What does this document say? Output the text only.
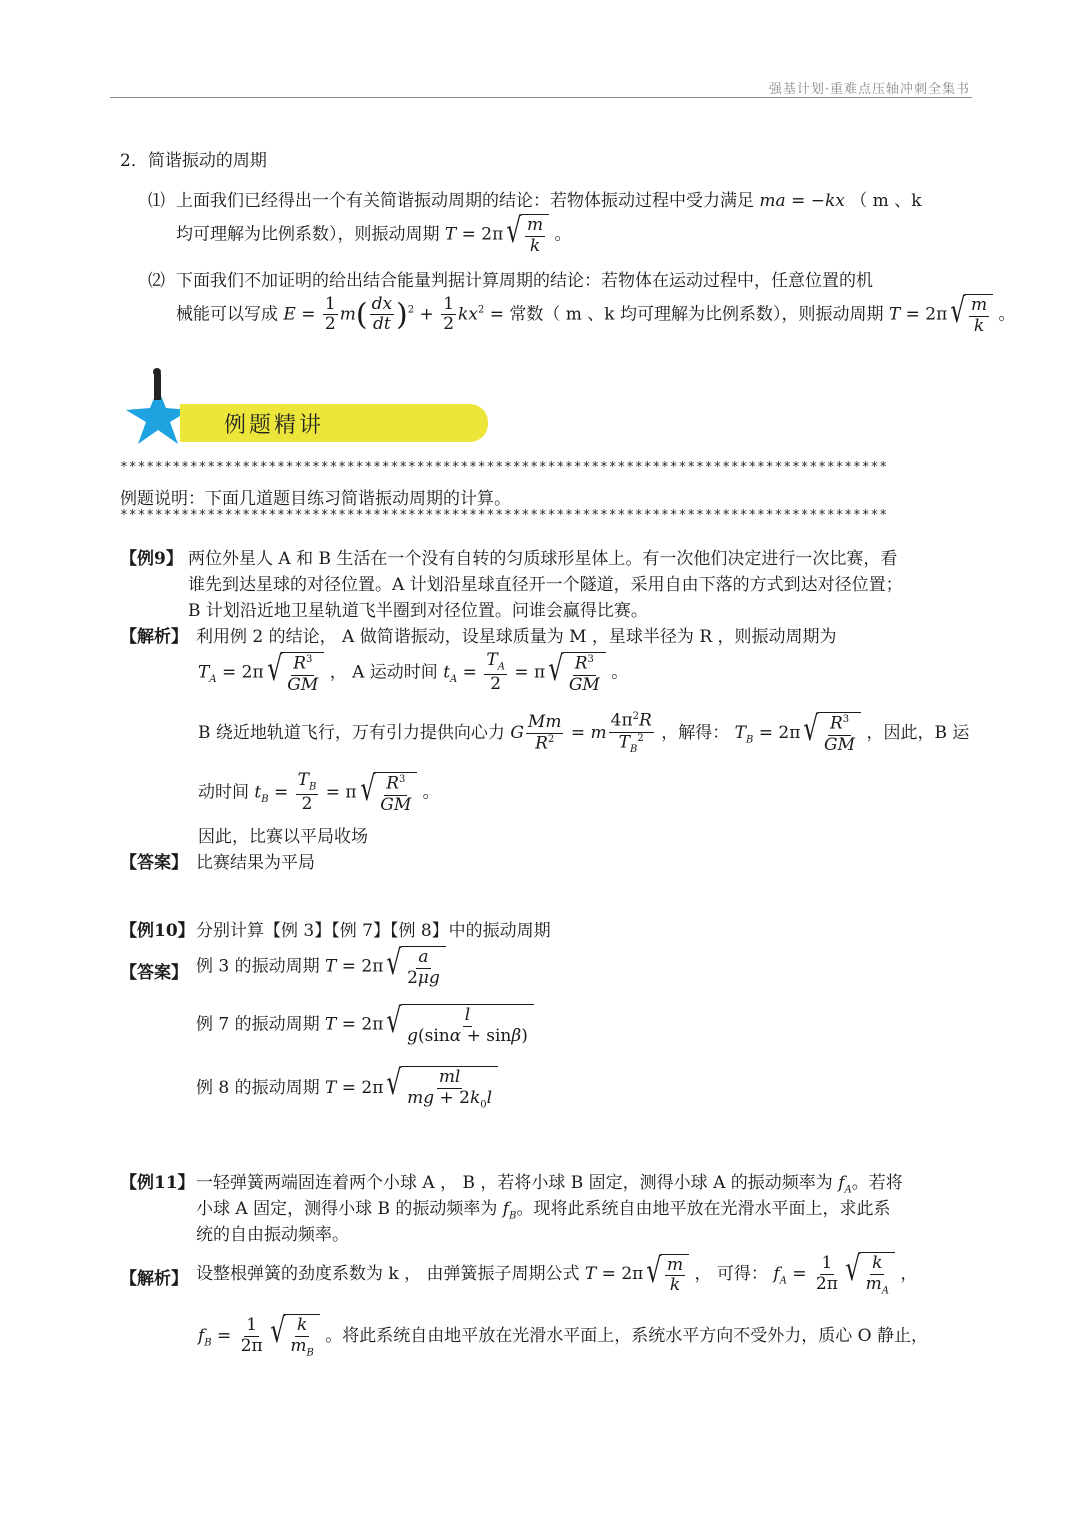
强基计划·重难点压轴冲刺全集书
2．简谐振动的周期
⑴ 上面我们已经得出一个有关简谐振动周期的结论：若物体振动过程中受力满足 ma = −kx （ m 、k
均可理解为比例系数），则振动周期 T = 2π √ $\frac{m}{k}$ 。
⑵ 下面我们不加证明的给出结合能量判据计算周期的结论：若物体在运动过程中，任意位置的机
械能可以写成 $E = \frac{1}{2} m( \frac{dx}{dt} )^2 + \frac{1}{2} kx^2$ = 常数（ m 、k 均可理解为比例系数），则振动周期 T = 2π √ $\frac{m}{k}$ 。
例题精讲
****************************************************************************************
例题说明：下面几道题目练习简谐振动周期的计算。
****************************************************************************************
【例9】 两位外星人 A 和 B 生活在一个没有自转的匀质球形星体上。有一次他们决定进行一次比赛，看
谁先到达星球的对径位置。A 计划沿星球直径开一个隧道，采用自由下落的方式到达对径位置；
B 计划沿近地卫星轨道飞半圈到对径位置。问谁会赢得比赛。
【解析】 利用例 2 的结论， A 做简谐振动，设星球质量为 M ，星球半径为 R ，则振动周期为
$T_A = 2\pi$ √ $\frac{R^3}{GM}$ ， A 运动时间 $t_A = \frac{T_A}{2} = \pi$ √ $\frac{R^3}{GM}$ 。
B 绕近地轨道飞行，万有引力提供向心力 G $\frac{Mm}{R^2} = m \frac{4\pi^2R}{T_B^2}$ ，解得： $T_B = 2\pi$ √ $\frac{R^3}{GM}$ ，因此，B 运
动时间 $t_B = \frac{T_B}{2} = \pi$ √ $\frac{R^3}{GM}$ 。
因此，比赛以平局收场
【答案】 比赛结果为平局
【例10】 分别计算【例 3】【例 7】【例 8】中的振动周期
【答案】 例 3 的振动周期 T = 2π √ $\frac{a}{2\mu g}$
例 7 的振动周期 T = 2π √ $\frac{l}{g(\sin\alpha + \sin\beta)}$
例 8 的振动周期 T = 2π √ $\frac{ml}{mg + 2k_0l}$
【例11】 一轻弹簧两端固连着两个小球 A ， B ，若将小球 B 固定，测得小球 A 的振动频率为 $f_A$。若将
小球 A 固定，测得小球 B 的振动频率为 $f_B$。现将此系统自由地平放在光滑水平面上，求此系
统的自由振动频率。
【解析】 设整根弹簧的劲度系数为 k ， 由弹簧振子周期公式 T = 2π √ $\frac{m}{k}$ ， 可得： $f_A = \frac{1}{2\pi}$ √ $\frac{k}{m_A}$ ，
$f_B = \frac{1}{2\pi}$ √ $\frac{k}{m_B}$ 。将此系统自由地平放在光滑水平面上，系统水平方向不受外力，质心 O 静止，
